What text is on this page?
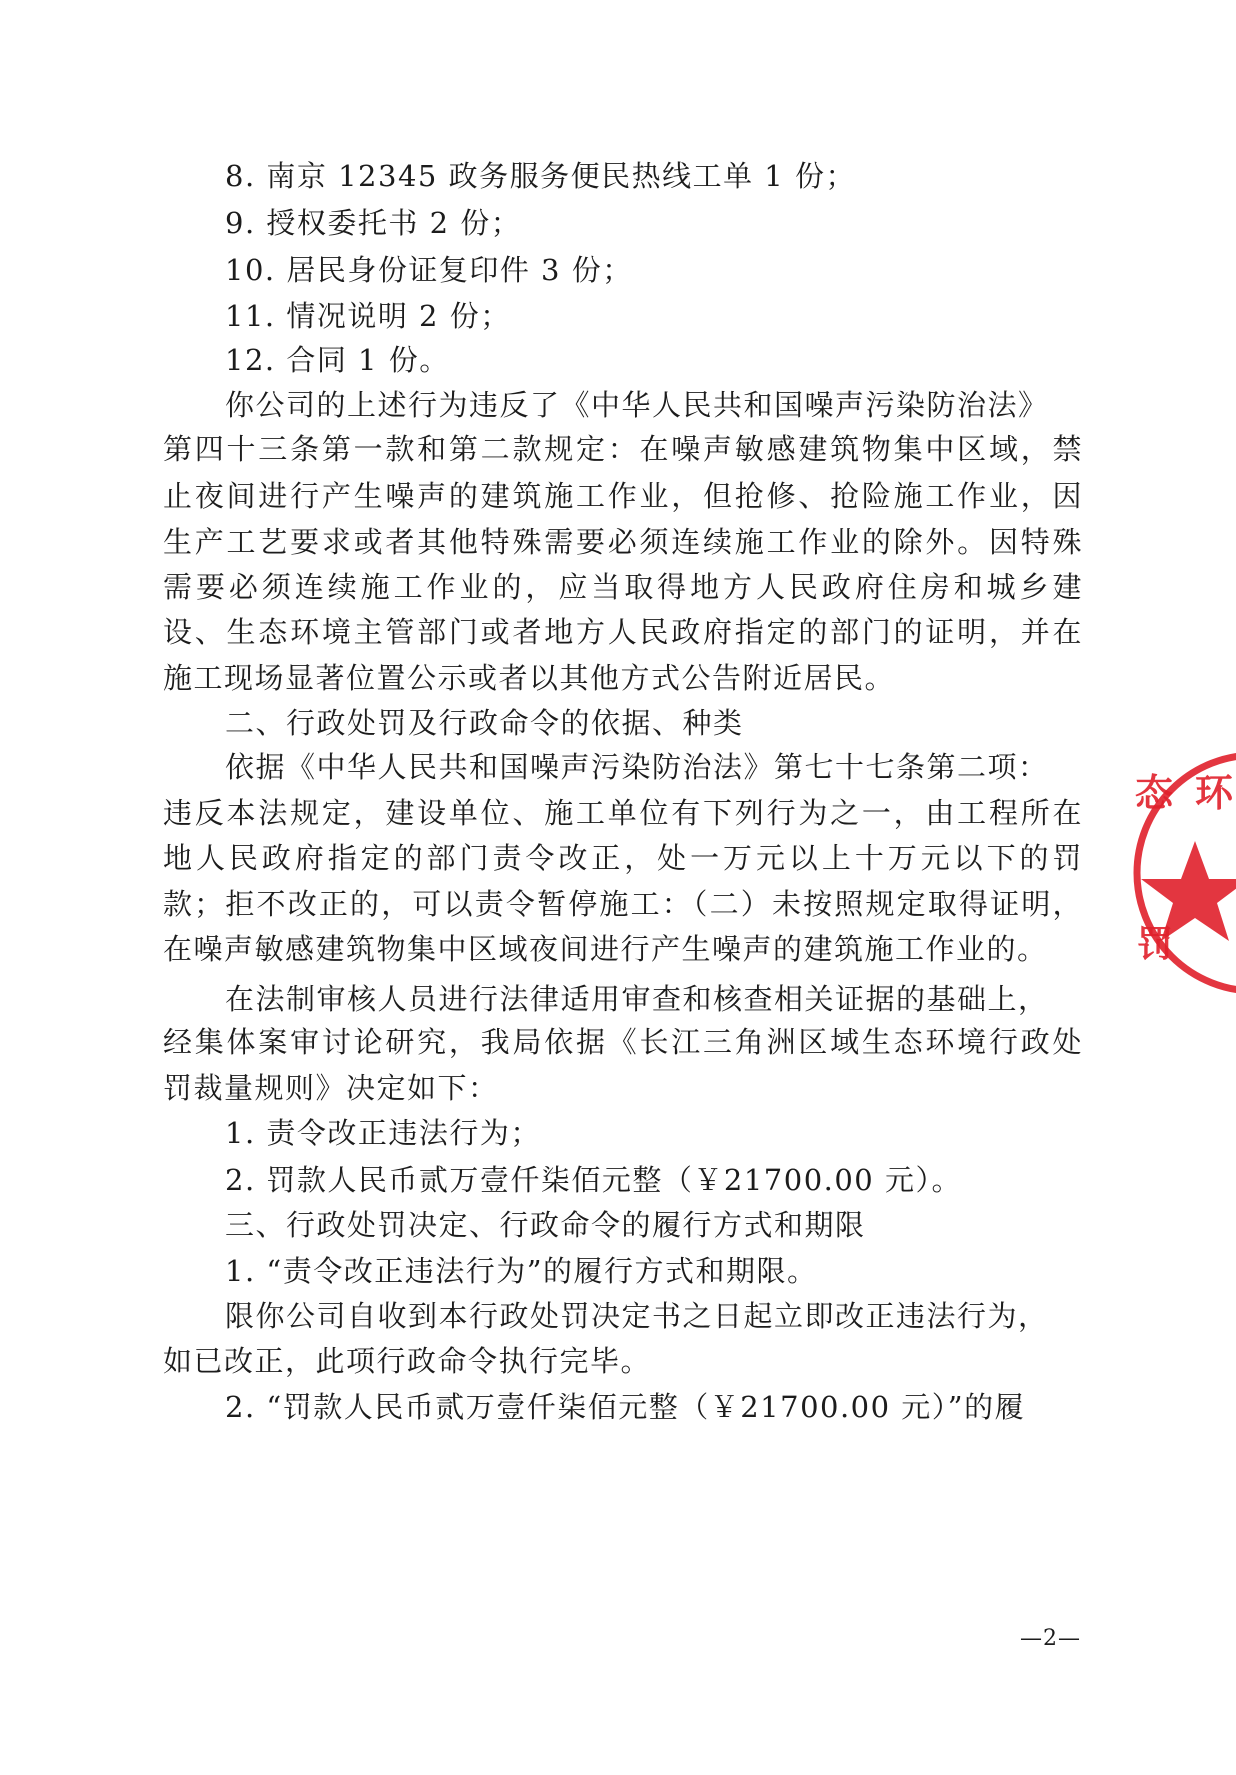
8. 南京 12345 政务服务便民热线工单 1 份；
9. 授权委托书 2 份；
10. 居民身份证复印件 3 份；
11. 情况说明 2 份；
12. 合同 1 份。
你公司的上述行为违反了《中华人民共和国噪声污染防治法》
第四十三条第一款和第二款规定：在噪声敏感建筑物集中区域，禁
止夜间进行产生噪声的建筑施工作业，但抢修、抢险施工作业，因
生产工艺要求或者其他特殊需要必须连续施工作业的除外。因特殊
需要必须连续施工作业的，应当取得地方人民政府住房和城乡建
设、生态环境主管部门或者地方人民政府指定的部门的证明，并在
施工现场显著位置公示或者以其他方式公告附近居民。
二、行政处罚及行政命令的依据、种类
依据《中华人民共和国噪声污染防治法》第七十七条第二项：
违反本法规定，建设单位、施工单位有下列行为之一，由工程所在
地人民政府指定的部门责令改正，处一万元以上十万元以下的罚
款；拒不改正的，可以责令暂停施工：（二）未按照规定取得证明，
在噪声敏感建筑物集中区域夜间进行产生噪声的建筑施工作业的。
在法制审核人员进行法律适用审查和核查相关证据的基础上，
经集体案审讨论研究，我局依据《长江三角洲区域生态环境行政处
罚裁量规则》决定如下：
1. 责令改正违法行为；
2. 罚款人民币贰万壹仟柒佰元整（￥21700.00 元）。
三、行政处罚决定、行政命令的履行方式和期限
1. “责令改正违法行为”的履行方式和期限。
限你公司自收到本行政处罚决定书之日起立即改正违法行为，
如已改正，此项行政命令执行完毕。
2. “罚款人民币贰万壹仟柒佰元整（￥21700.00 元）”的履
—2—
态 环
罚
